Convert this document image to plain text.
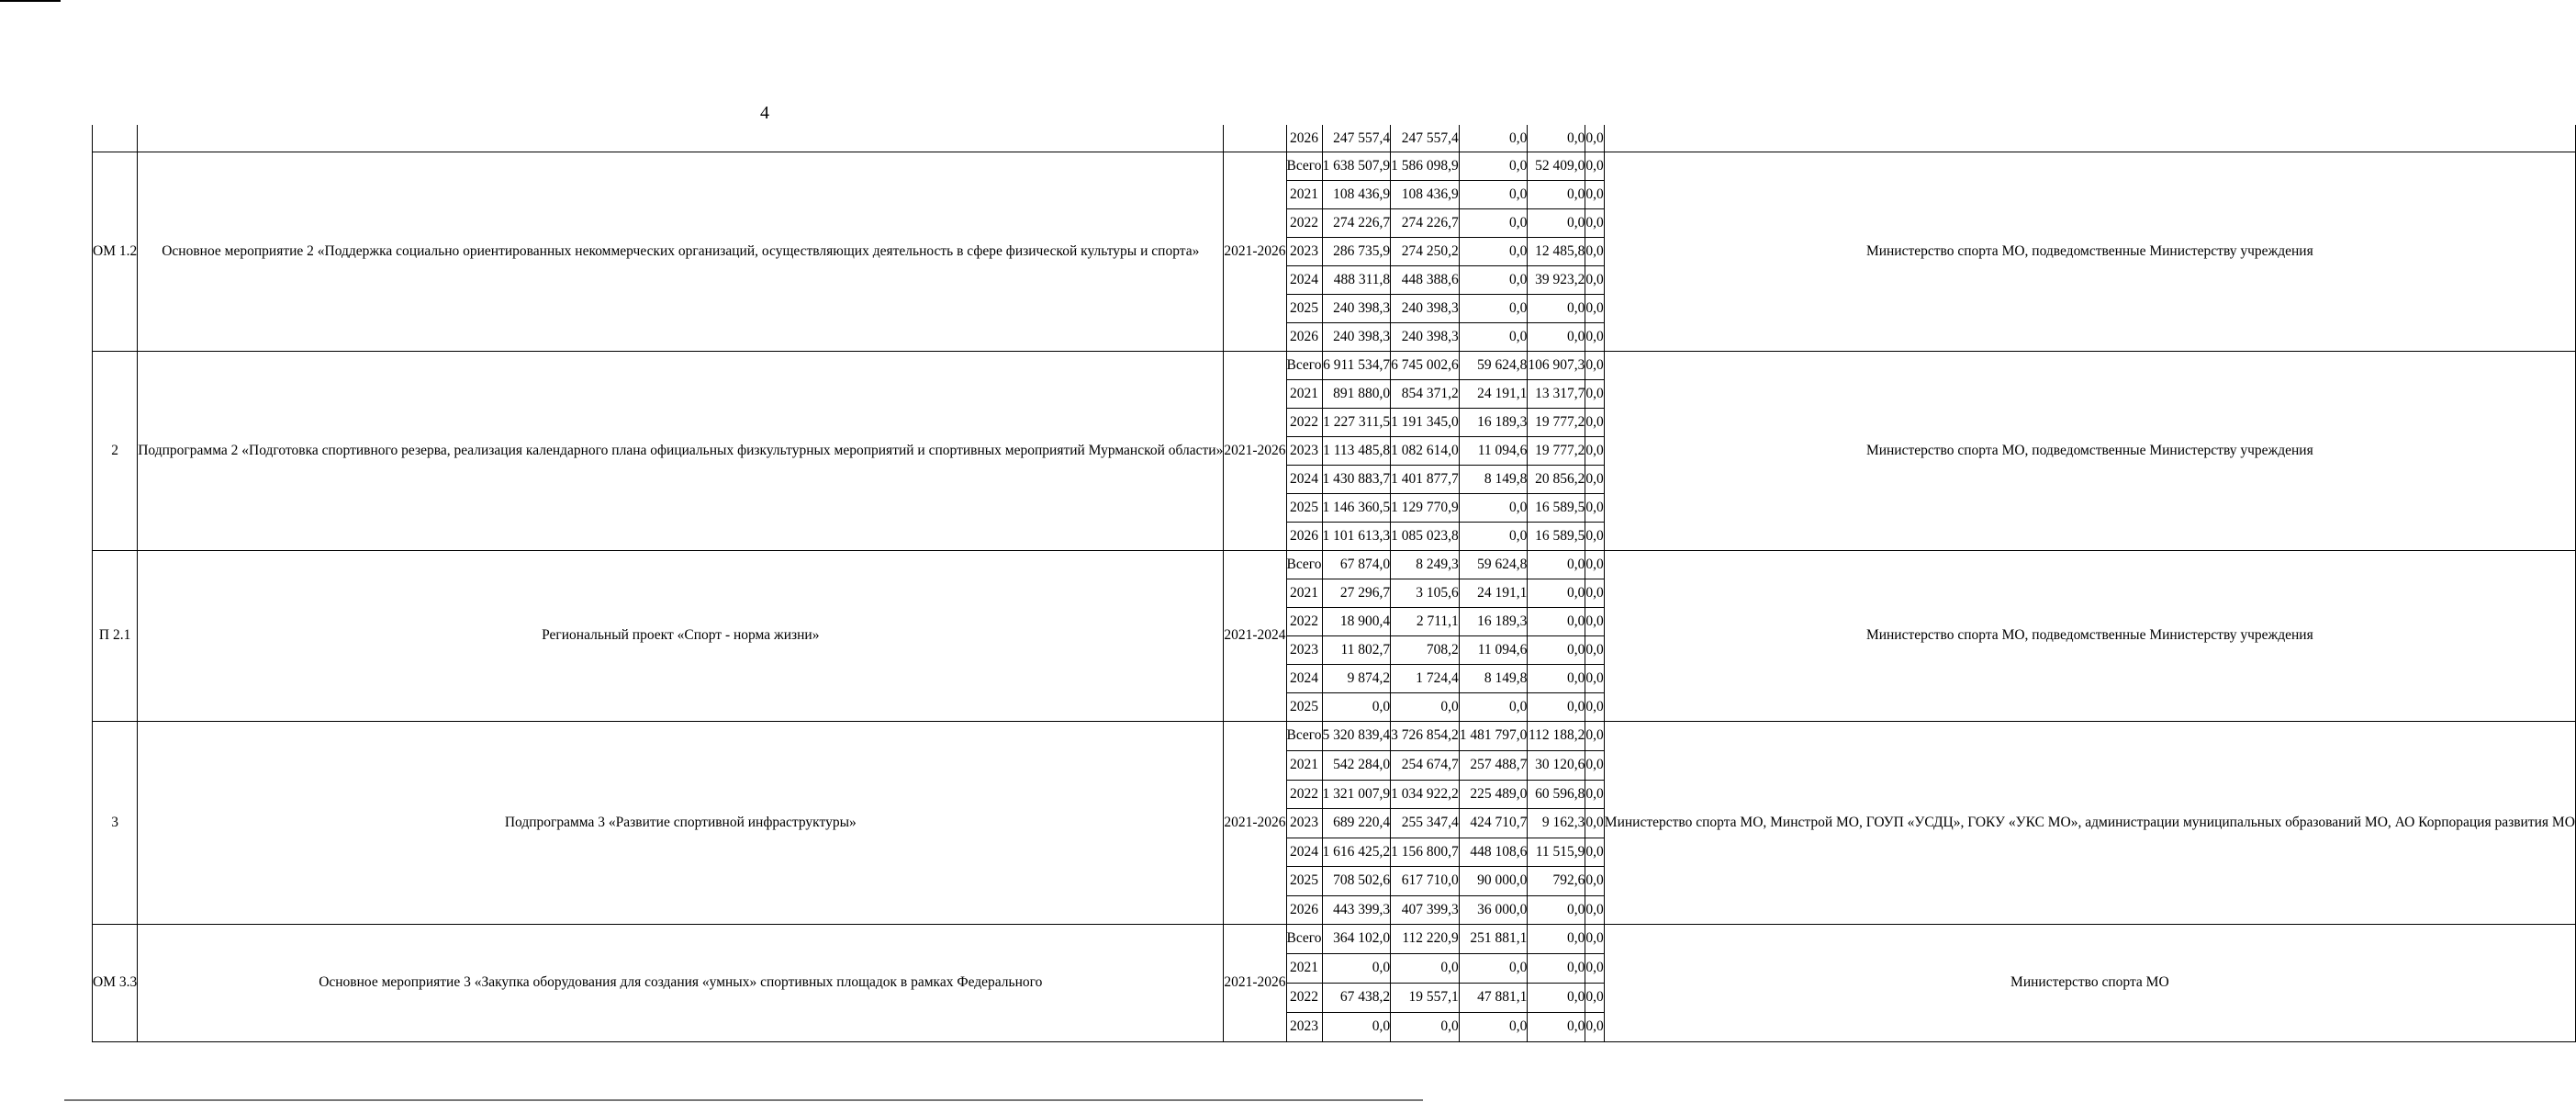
4
			2026	247 557,4	247 557,4	0,0	0,0	0,0	
ОМ 1.2	Основное мероприятие 2 «Поддержка социально ориентированных некоммерческих организаций, осуществляющих деятельность в сфере физической культуры и спорта»	2021-2026	Всего	1 638 507,9	1 586 098,9	0,0	52 409,0	0,0	Министерство спорта МО, подведомственные Министерству учреждения
			2021	108 436,9	108 436,9	0,0	0,0	0,0	
			2022	274 226,7	274 226,7	0,0	0,0	0,0	
			2023	286 735,9	274 250,2	0,0	12 485,8	0,0	
			2024	488 311,8	448 388,6	0,0	39 923,2	0,0	
			2025	240 398,3	240 398,3	0,0	0,0	0,0	
			2026	240 398,3	240 398,3	0,0	0,0	0,0	
2	Подпрограмма 2 «Подготовка спортивного резерва, реализация календарного плана официальных физкультурных мероприятий и спортивных мероприятий Мурманской области»	2021-2026	Всего	6 911 534,7	6 745 002,6	59 624,8	106 907,3	0,0	Министерство спорта МО, подведомственные Министерству учреждения
			2021	891 880,0	854 371,2	24 191,1	13 317,7	0,0	
			2022	1 227 311,5	1 191 345,0	16 189,3	19 777,2	0,0	
			2023	1 113 485,8	1 082 614,0	11 094,6	19 777,2	0,0	
			2024	1 430 883,7	1 401 877,7	8 149,8	20 856,2	0,0	
			2025	1 146 360,5	1 129 770,9	0,0	16 589,5	0,0	
			2026	1 101 613,3	1 085 023,8	0,0	16 589,5	0,0	
П 2.1	Региональный проект «Спорт - норма жизни»	2021-2024	Всего	67 874,0	8 249,3	59 624,8	0,0	0,0	Министерство спорта МО, подведомственные Министерству учреждения
			2021	27 296,7	3 105,6	24 191,1	0,0	0,0	
			2022	18 900,4	2 711,1	16 189,3	0,0	0,0	
			2023	11 802,7	708,2	11 094,6	0,0	0,0	
			2024	9 874,2	1 724,4	8 149,8	0,0	0,0	
			2025	0,0	0,0	0,0	0,0	0,0	
3	Подпрограмма 3 «Развитие спортивной инфраструктуры»	2021-2026	Всего	5 320 839,4	3 726 854,2	1 481 797,0	112 188,2	0,0	Министерство спорта МО, Минстрой МО, ГОУП «УСДЦ», ГОКУ «УКС МО», администрации муниципальных образований МО, АО Корпорация развития МО
			2021	542 284,0	254 674,7	257 488,7	30 120,6	0,0	
			2022	1 321 007,9	1 034 922,2	225 489,0	60 596,8	0,0	
			2023	689 220,4	255 347,4	424 710,7	9 162,3	0,0	
			2024	1 616 425,2	1 156 800,7	448 108,6	11 515,9	0,0	
			2025	708 502,6	617 710,0	90 000,0	792,6	0,0	
			2026	443 399,3	407 399,3	36 000,0	0,0	0,0	
ОМ 3.3	Основное мероприятие 3 «Закупка оборудования для создания «умных» спортивных площадок в рамках Федерального	2021-2026	Всего	364 102,0	112 220,9	251 881,1	0,0	0,0	Министерство спорта МО
			2021	0,0	0,0	0,0	0,0	0,0	
			2022	67 438,2	19 557,1	47 881,1	0,0	0,0	
			2023	0,0	0,0	0,0	0,0	0,0	
